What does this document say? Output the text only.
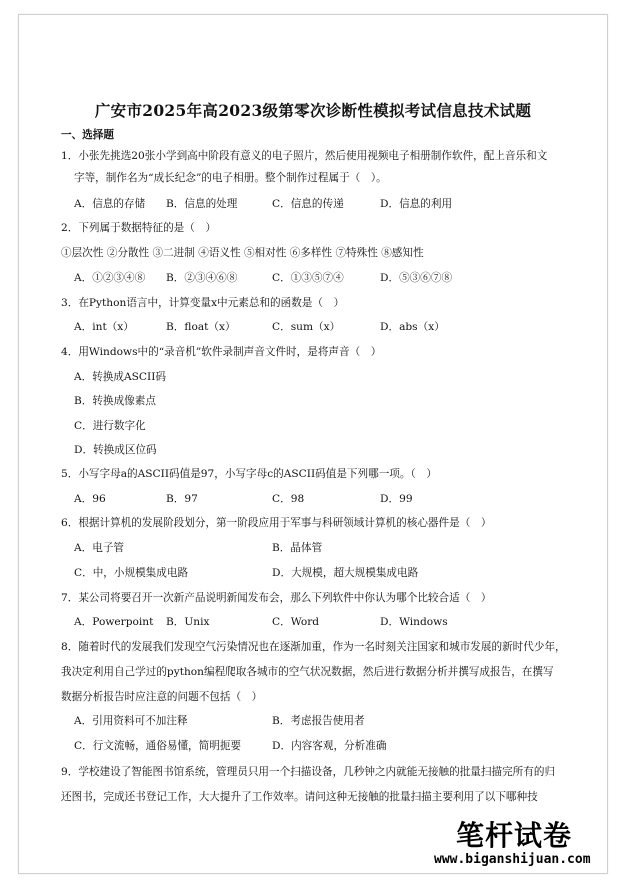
广安市2025年高2023级第零次诊断性模拟考试信息技术试题
一、选择题
1．小张先挑选20张小学到高中阶段有意义的电子照片，然后使用视频电子相册制作软件，配上音乐和文
字等，制作名为“成长纪念”的电子相册。整个制作过程属于（　）。
A．信息的存储 B．信息的处理	C．信息的传递	D．信息的利用
2．下列属于数据特征的是（　）
①层次性 ②分散性 ③二进制 ④语义性 ⑤相对性 ⑥多样性 ⑦特殊性 ⑧感知性
A．①②③④⑧ B．②③④⑥⑧	C．①③⑤⑦④	D．⑤③⑥⑦⑧
3．在Python语言中，计算变量x中元素总和的函数是（　）
A．int（x）	B．float（x）	C．sum（x）	D．abs（x）
4．用Windows中的“录音机”软件录制声音文件时，是将声音（　）
A．转换成ASCII码
B．转换成像素点
C．进行数字化
D．转换成区位码
5．小写字母a的ASCII码值是97，小写字母c的ASCII码值是下列哪一项。（　）
A．96	B．97	C．98	D．99
6．根据计算机的发展阶段划分，第一阶段应用于军事与科研领域计算机的核心器件是（　）
A．电子管	B．晶体管
C．中，小规模集成电路	D．大规模，超大规模集成电路
7．某公司将要召开一次新产品说明新闻发布会，那么下列软件中你认为哪个比较合适（　）
A．Powerpoint B．Unix	C．Word	D．Windows
8．随着时代的发展我们发现空气污染情况也在逐渐加重，作为一名时刻关注国家和城市发展的新时代少年，
我决定利用自己学过的python编程爬取各城市的空气状况数据，然后进行数据分析并撰写成报告，在撰写
数据分析报告时应注意的问题不包括（　）
A．引用资料可不加注释	B．考虑报告使用者
C．行文流畅，通俗易懂，简明扼要	D．内容客观，分析准确
9．学校建设了智能图书馆系统，管理员只用一个扫描设备，几秒钟之内就能无接触的批量扫描完所有的归
还图书，完成还书登记工作，大大提升了工作效率。请问这种无接触的批量扫描主要利用了以下哪种技
笔杆试卷
www.biganshijuan.com
